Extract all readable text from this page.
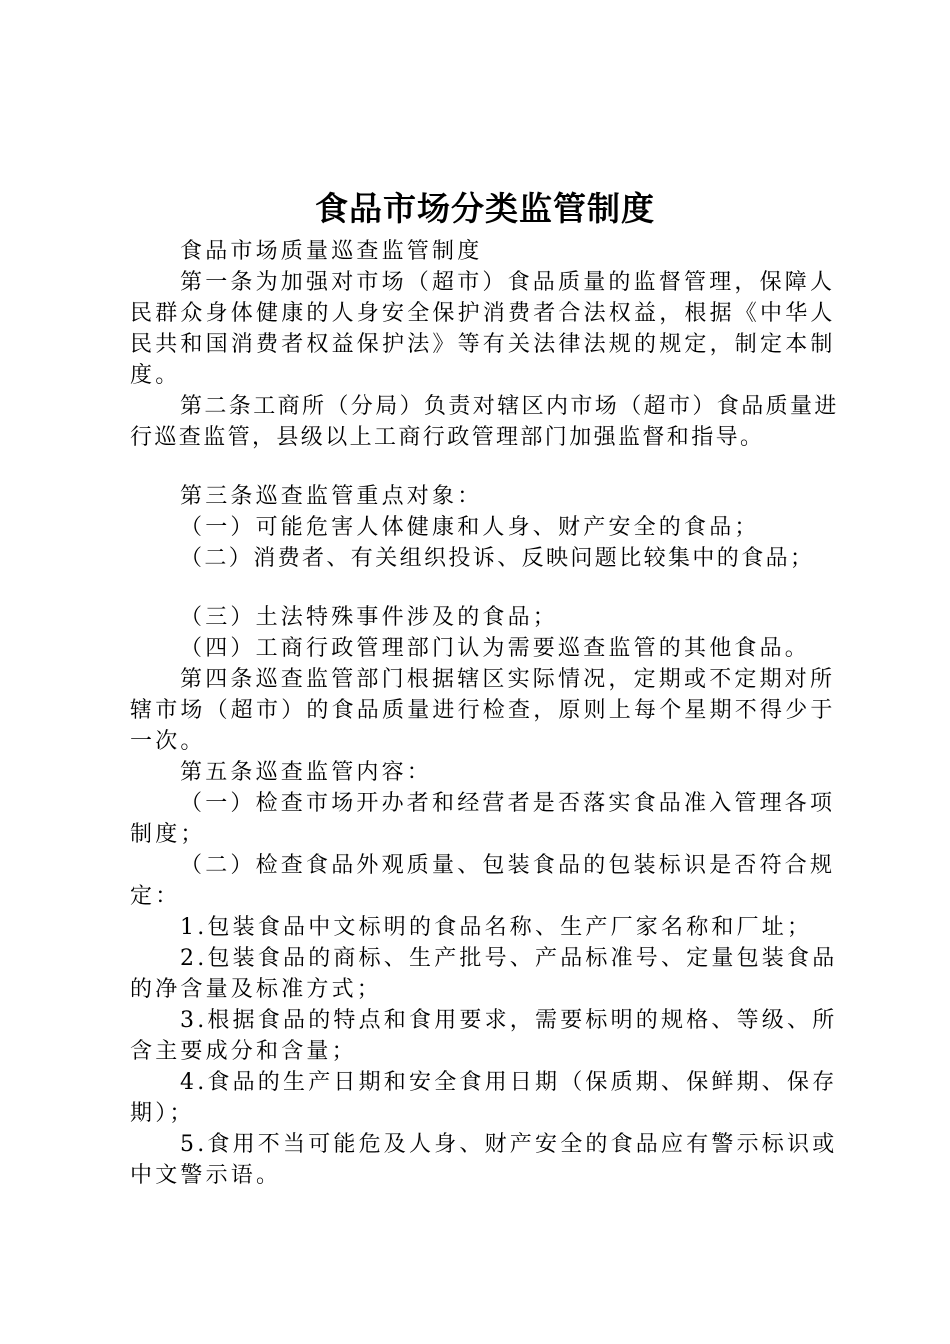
食品市场分类监管制度

食品市场质量巡查监管制度

第一条为加强对市场（超市）食品质量的监督管理，保障人民群众身体健康的人身安全保护消费者合法权益，根据《中华人民共和国消费者权益保护法》等有关法律法规的规定，制定本制度。

第二条工商所（分局）负责对辖区内市场（超市）食品质量进行巡查监管，县级以上工商行政管理部门加强监督和指导。

第三条巡查监管重点对象：

（一）可能危害人体健康和人身、财产安全的食品；

（二）消费者、有关组织投诉、反映问题比较集中的食品；

（三）土法特殊事件涉及的食品；

（四）工商行政管理部门认为需要巡查监管的其他食品。

第四条巡查监管部门根据辖区实际情况，定期或不定期对所辖市场（超市）的食品质量进行检查，原则上每个星期不得少于一次。

第五条巡查监管内容：

（一）检查市场开办者和经营者是否落实食品准入管理各项制度；

（二）检查食品外观质量、包装食品的包装标识是否符合规定：

1.包装食品中文标明的食品名称、生产厂家名称和厂址；

2.包装食品的商标、生产批号、产品标准号、定量包装食品的净含量及标准方式；

3.根据食品的特点和食用要求，需要标明的规格、等级、所含主要成分和含量；

4.食品的生产日期和安全食用日期（保质期、保鲜期、保存期）；

5.食用不当可能危及人身、财产安全的食品应有警示标识或中文警示语。
